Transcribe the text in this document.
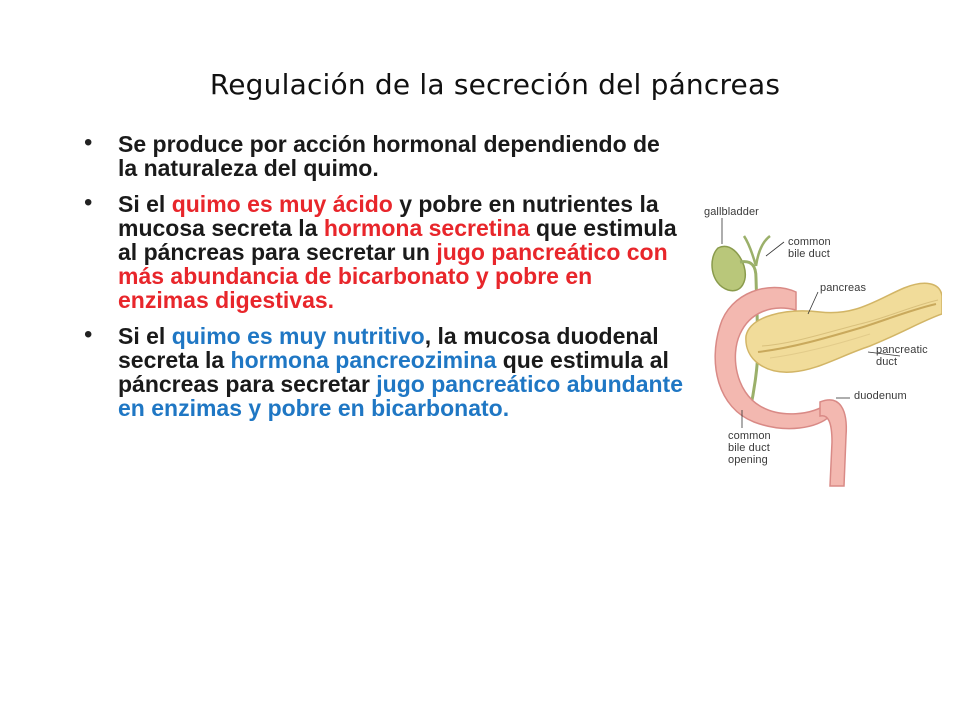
Regulación de la secreción del páncreas
• Se produce por acción hormonal dependiendo de la naturaleza del quimo.
• Si el quimo es muy ácido y pobre en nutrientes la mucosa secreta la hormona secretina que estimula al páncreas para secretar un jugo pancreático con más abundancia de bicarbonato y pobre en enzimas digestivas.
• Si el quimo es muy nutritivo, la mucosa duodenal secreta la hormona pancreozimina que estimula al páncreas para secretar jugo pancreático abundante en enzimas y pobre en bicarbonato.
gallbladder
common
bile duct
pancreas
pancreatic
duct
duodenum
common
bile duct
opening
